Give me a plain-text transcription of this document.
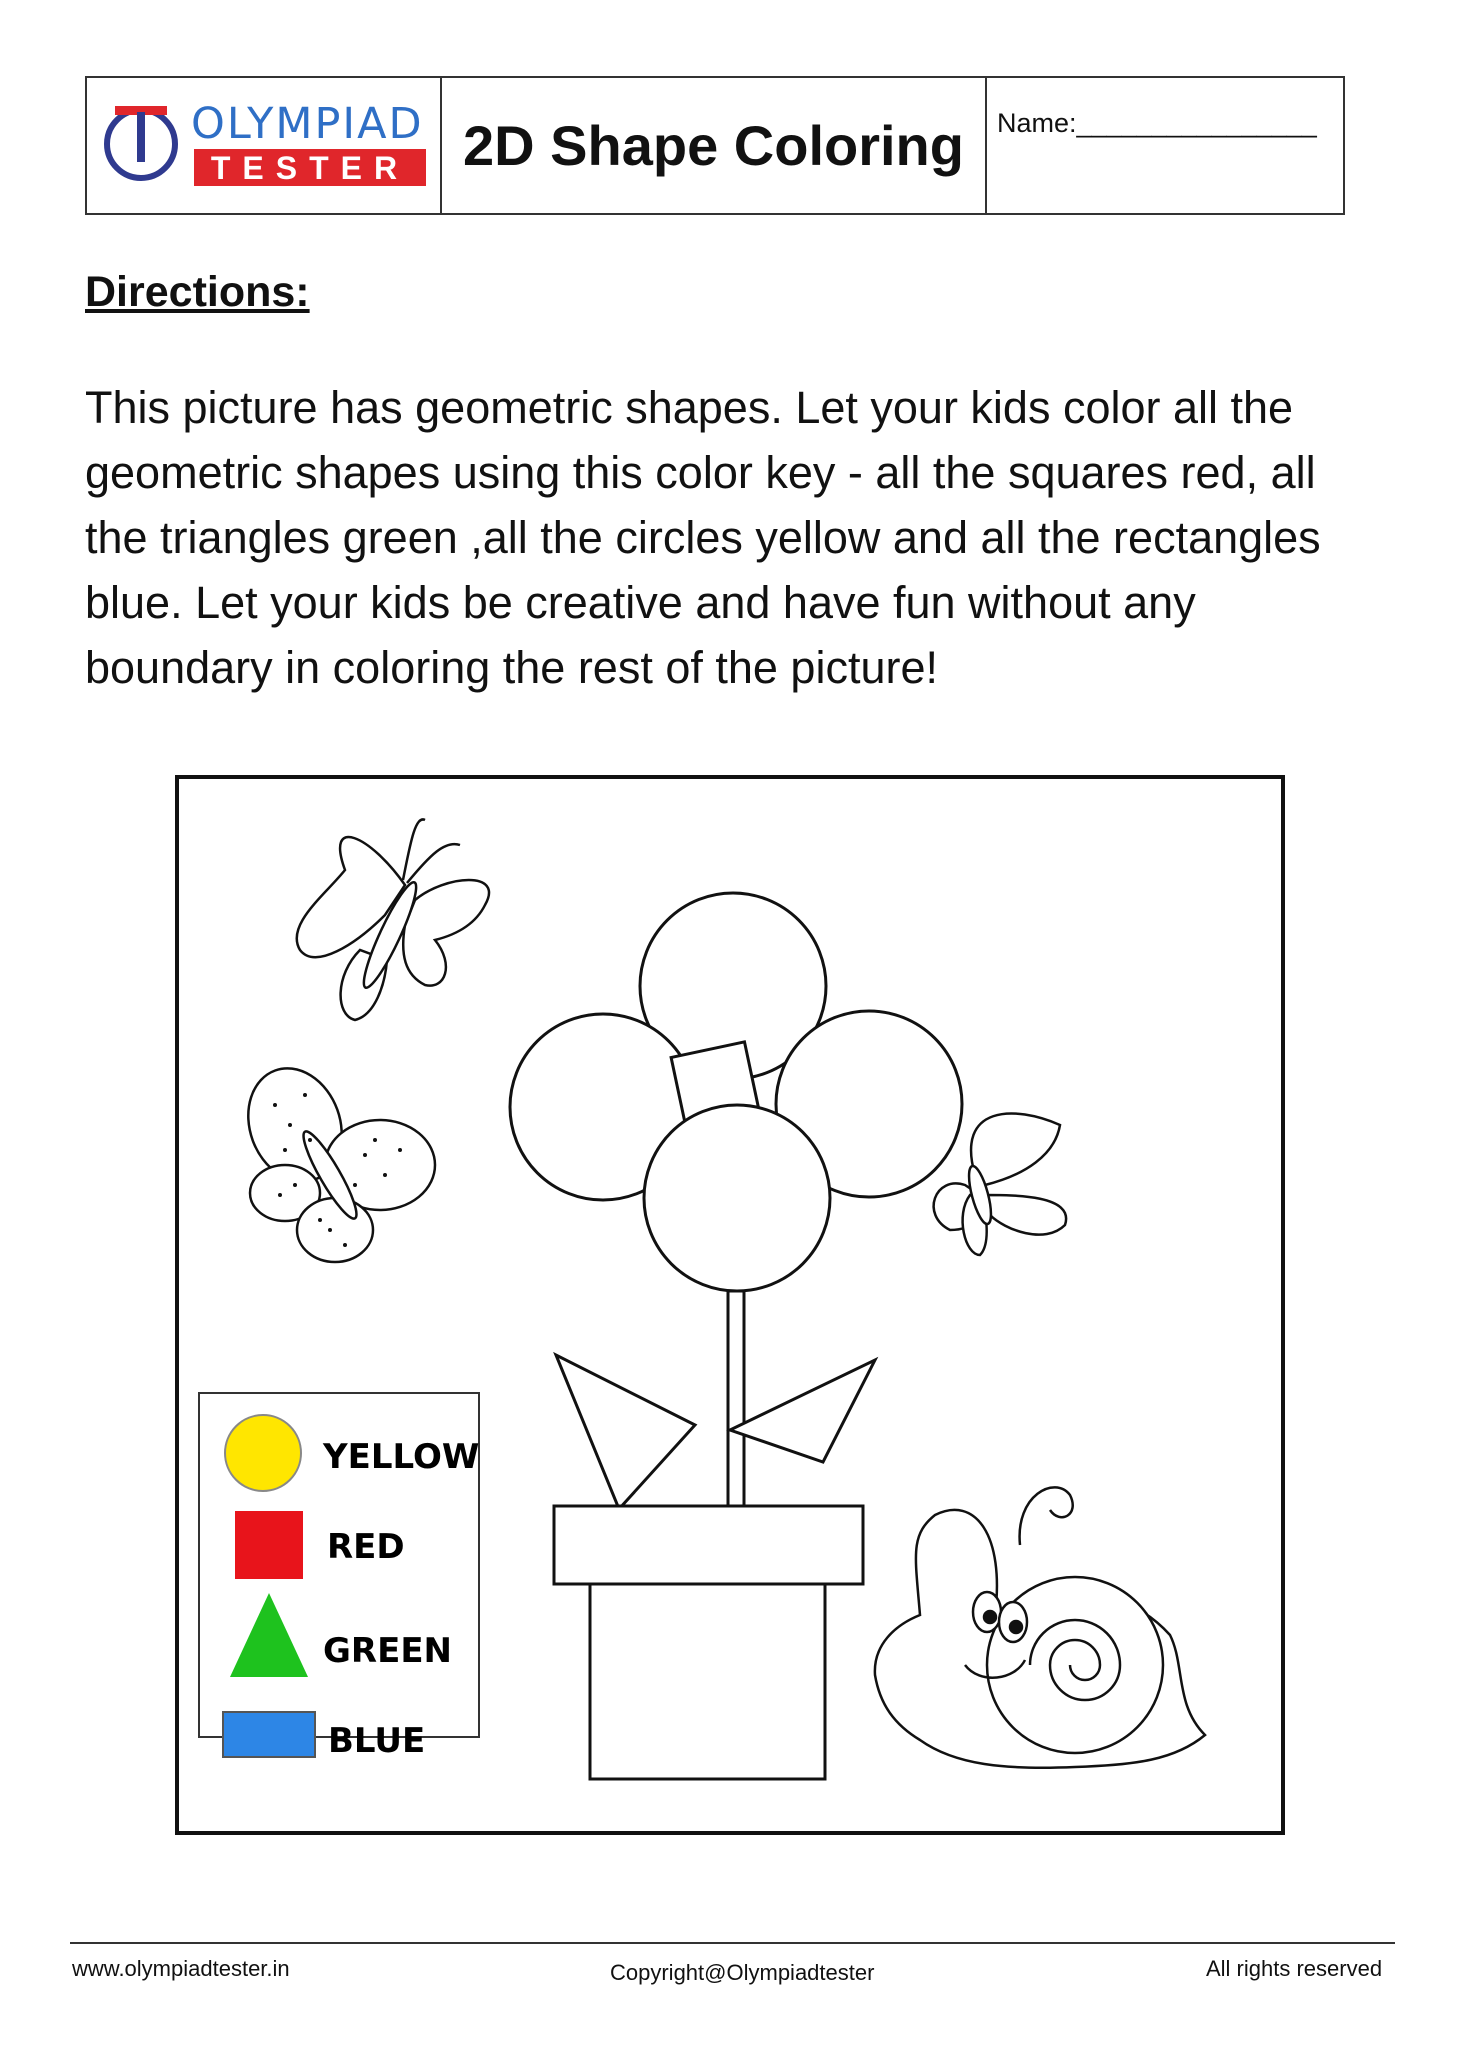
OLYMPIAD
TESTER 2D Shape Coloring	Name:________________
Directions:
This picture has geometric shapes. Let your kids color all the geometric shapes using this color key - all the squares red, all the triangles green ,all the circles yellow and all the rectangles blue. Let your kids be creative and have fun without any boundary in coloring the rest of the picture!
YELLOW
RED
GREEN
BLUE
www.olympiadtester.in	Copyright@Olympiadtester	All rights reserved
